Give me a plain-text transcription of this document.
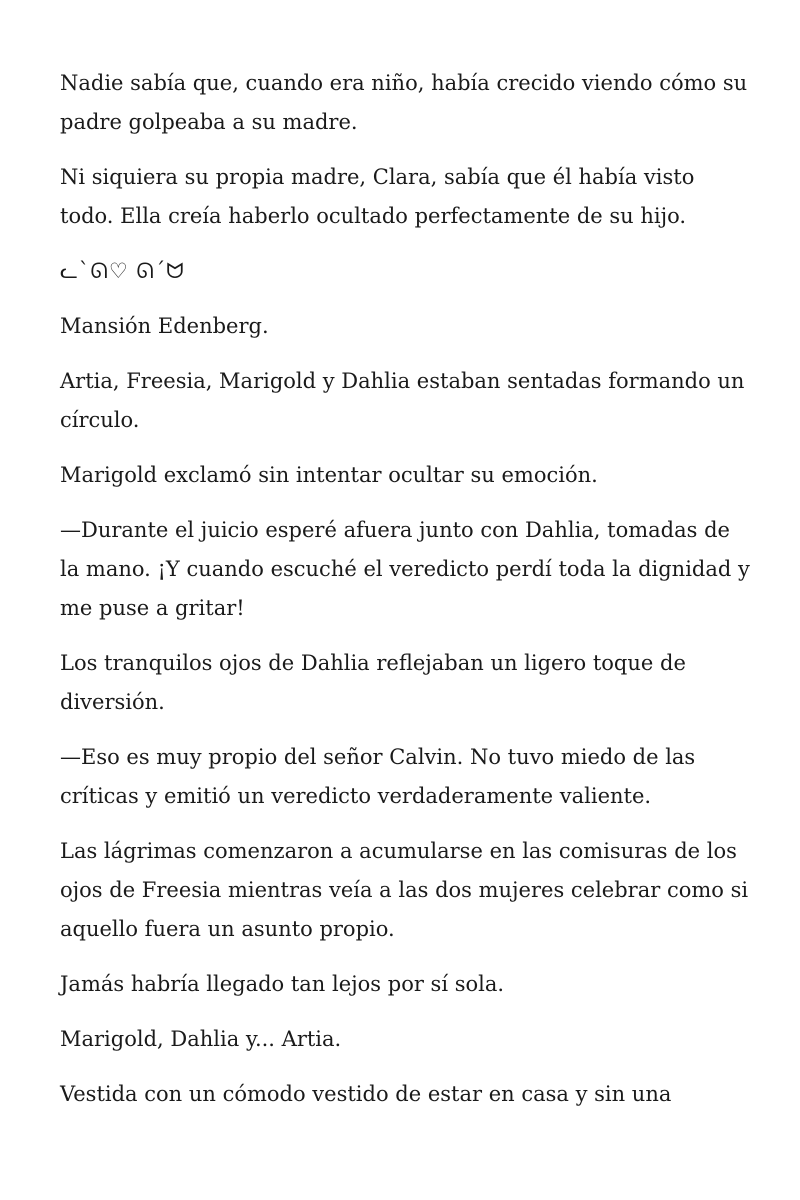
Nadie sabía que, cuando era niño, había crecido viendo cómo su padre golpeaba a su madre.

Ni siquiera su propia madre, Clara, sabía que él había visto todo. Ella creía haberlo ocultado perfectamente de su hijo.

ᓚ`ᘏ♡ ᘏ´ᗢ

Mansión Edenberg.

Artia, Freesia, Marigold y Dahlia estaban sentadas formando un círculo.

Marigold exclamó sin intentar ocultar su emoción.

—Durante el juicio esperé afuera junto con Dahlia, tomadas de la mano. ¡Y cuando escuché el veredicto perdí toda la dignidad y me puse a gritar!

Los tranquilos ojos de Dahlia reflejaban un ligero toque de diversión.

—Eso es muy propio del señor Calvin. No tuvo miedo de las críticas y emitió un veredicto verdaderamente valiente.

Las lágrimas comenzaron a acumularse en las comisuras de los ojos de Freesia mientras veía a las dos mujeres celebrar como si aquello fuera un asunto propio.

Jamás habría llegado tan lejos por sí sola.

Marigold, Dahlia y... Artia.

Vestida con un cómodo vestido de estar en casa y sin una
